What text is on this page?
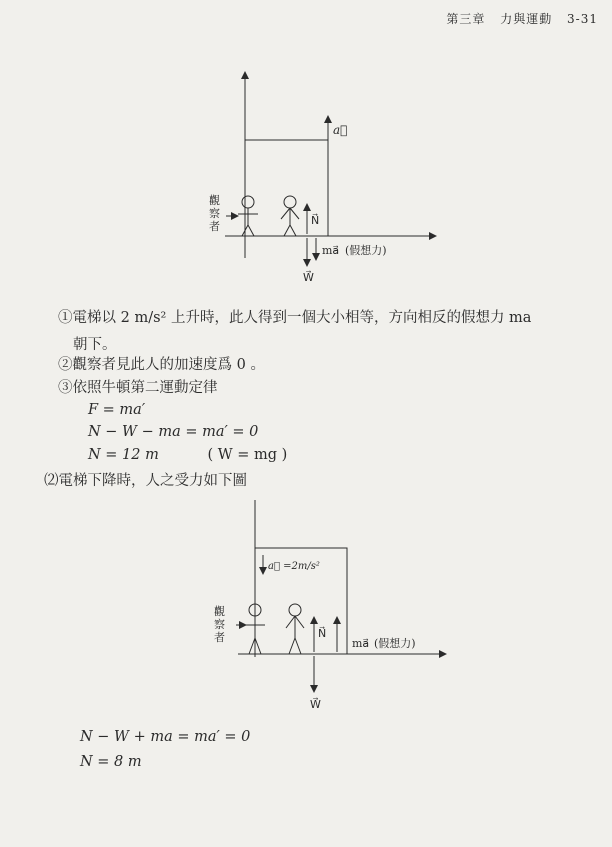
第三章 力與運動 3-31
觀
察
者
a⃗
N⃗
W⃗
ma⃗ (假想力)
①電梯以 2 m/s² 上升時，此人得到一個大小相等，方向相反的假想力 ma
朝下。
②觀察者見此人的加速度爲 0 。
③依照牛頓第二運動定律
F = ma′
N − W − ma = ma′ = 0
N = 12 m	( W = mg )
⑵電梯下降時，人之受力如下圖
觀
察
者
a⃗ =2m/s²
N⃗
W⃗
ma⃗ (假想力)
N − W + ma = ma′ = 0
N = 8 m
